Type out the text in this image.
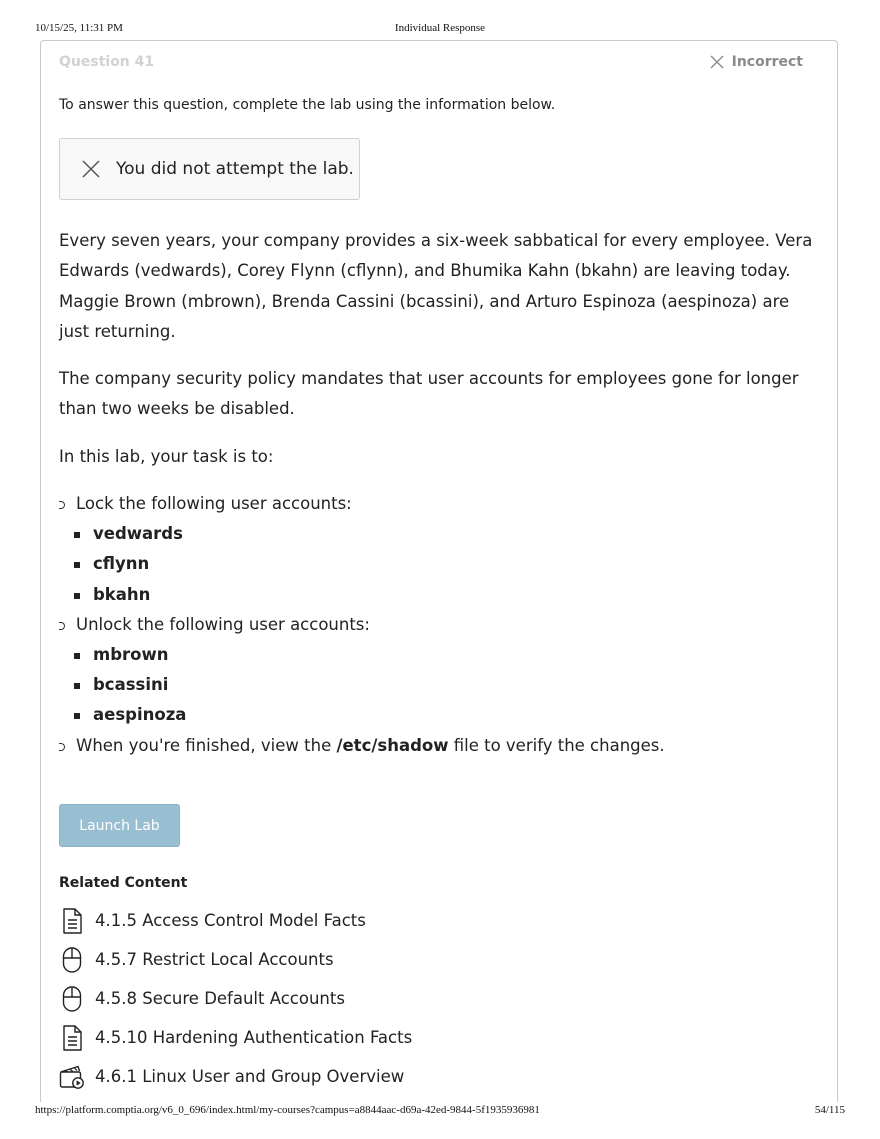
10/15/25, 11:31 PM	Individual Response
Question 41	Incorrect
To answer this question, complete the lab using the information below.
You did not attempt the lab.
Every seven years, your company provides a six-week sabbatical for every employee. Vera Edwards (vedwards), Corey Flynn (cflynn), and Bhumika Kahn (bkahn) are leaving today. Maggie Brown (mbrown), Brenda Cassini (bcassini), and Arturo Espinoza (aespinoza) are just returning.
The company security policy mandates that user accounts for employees gone for longer than two weeks be disabled.
In this lab, your task is to:
Lock the following user accounts:
vedwards
cflynn
bkahn
Unlock the following user accounts:
mbrown
bcassini
aespinoza
When you're finished, view the /etc/shadow file to verify the changes.
Launch Lab
Related Content
4.1.5 Access Control Model Facts
4.5.7 Restrict Local Accounts
4.5.8 Secure Default Accounts
4.5.10 Hardening Authentication Facts
4.6.1 Linux User and Group Overview
https://platform.comptia.org/v6_0_696/index.html/my-courses?campus=a8844aac-d69a-42ed-9844-5f1935936981	54/115
